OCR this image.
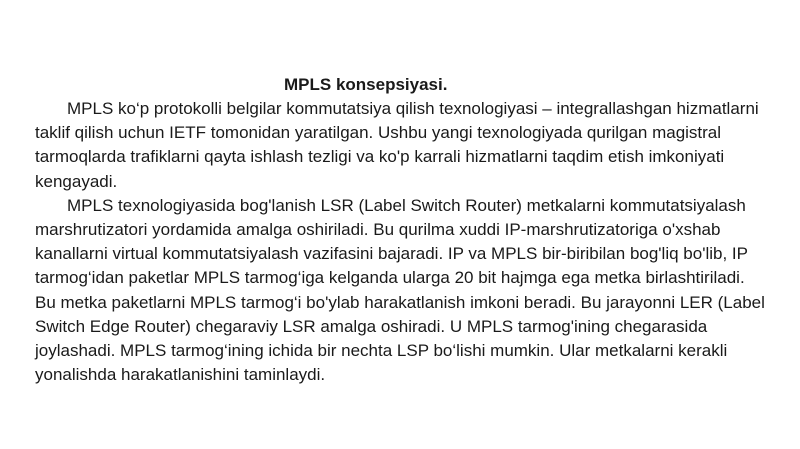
MPLS konsepsiyasi.

MPLS ko‘p protokolli belgilar kommutatsiya qilish texnologiyasi – integrallashgan hizmatlarni taklif qilish uchun IETF tomonidan yaratilgan. Ushbu yangi texnologiyada qurilgan magistral tarmoqlarda trafiklarni qayta ishlash tezligi va ko'p karrali hizmatlarni taqdim etish imkoniyati kengayadi.

MPLS texnologiyasida bog'lanish LSR (Label Switch Router) metkalarni kommutatsiyalash marshrutizatori yordamida amalga oshiriladi. Bu qurilma xuddi IP-marshrutizatoriga o'xshab kanallarni virtual kommutatsiyalash vazifasini bajaradi. IP va MPLS bir-biribilan bog'liq bo'lib, IP tarmog‘idan paketlar MPLS tarmog‘iga kelganda ularga 20 bit hajmga ega metka birlashtiriladi. Bu metka paketlarni MPLS tarmog‘i bo'ylab harakatlanish imkoni beradi. Bu jarayonni LER (Label Switch Edge Router) chegaraviy LSR amalga oshiradi. U MPLS tarmog'ining chegarasida joylashadi. MPLS tarmog‘ining ichida bir nechta LSP bo‘lishi mumkin. Ular metkalarni kerakli yonalishda harakatlanishini taminlaydi.
